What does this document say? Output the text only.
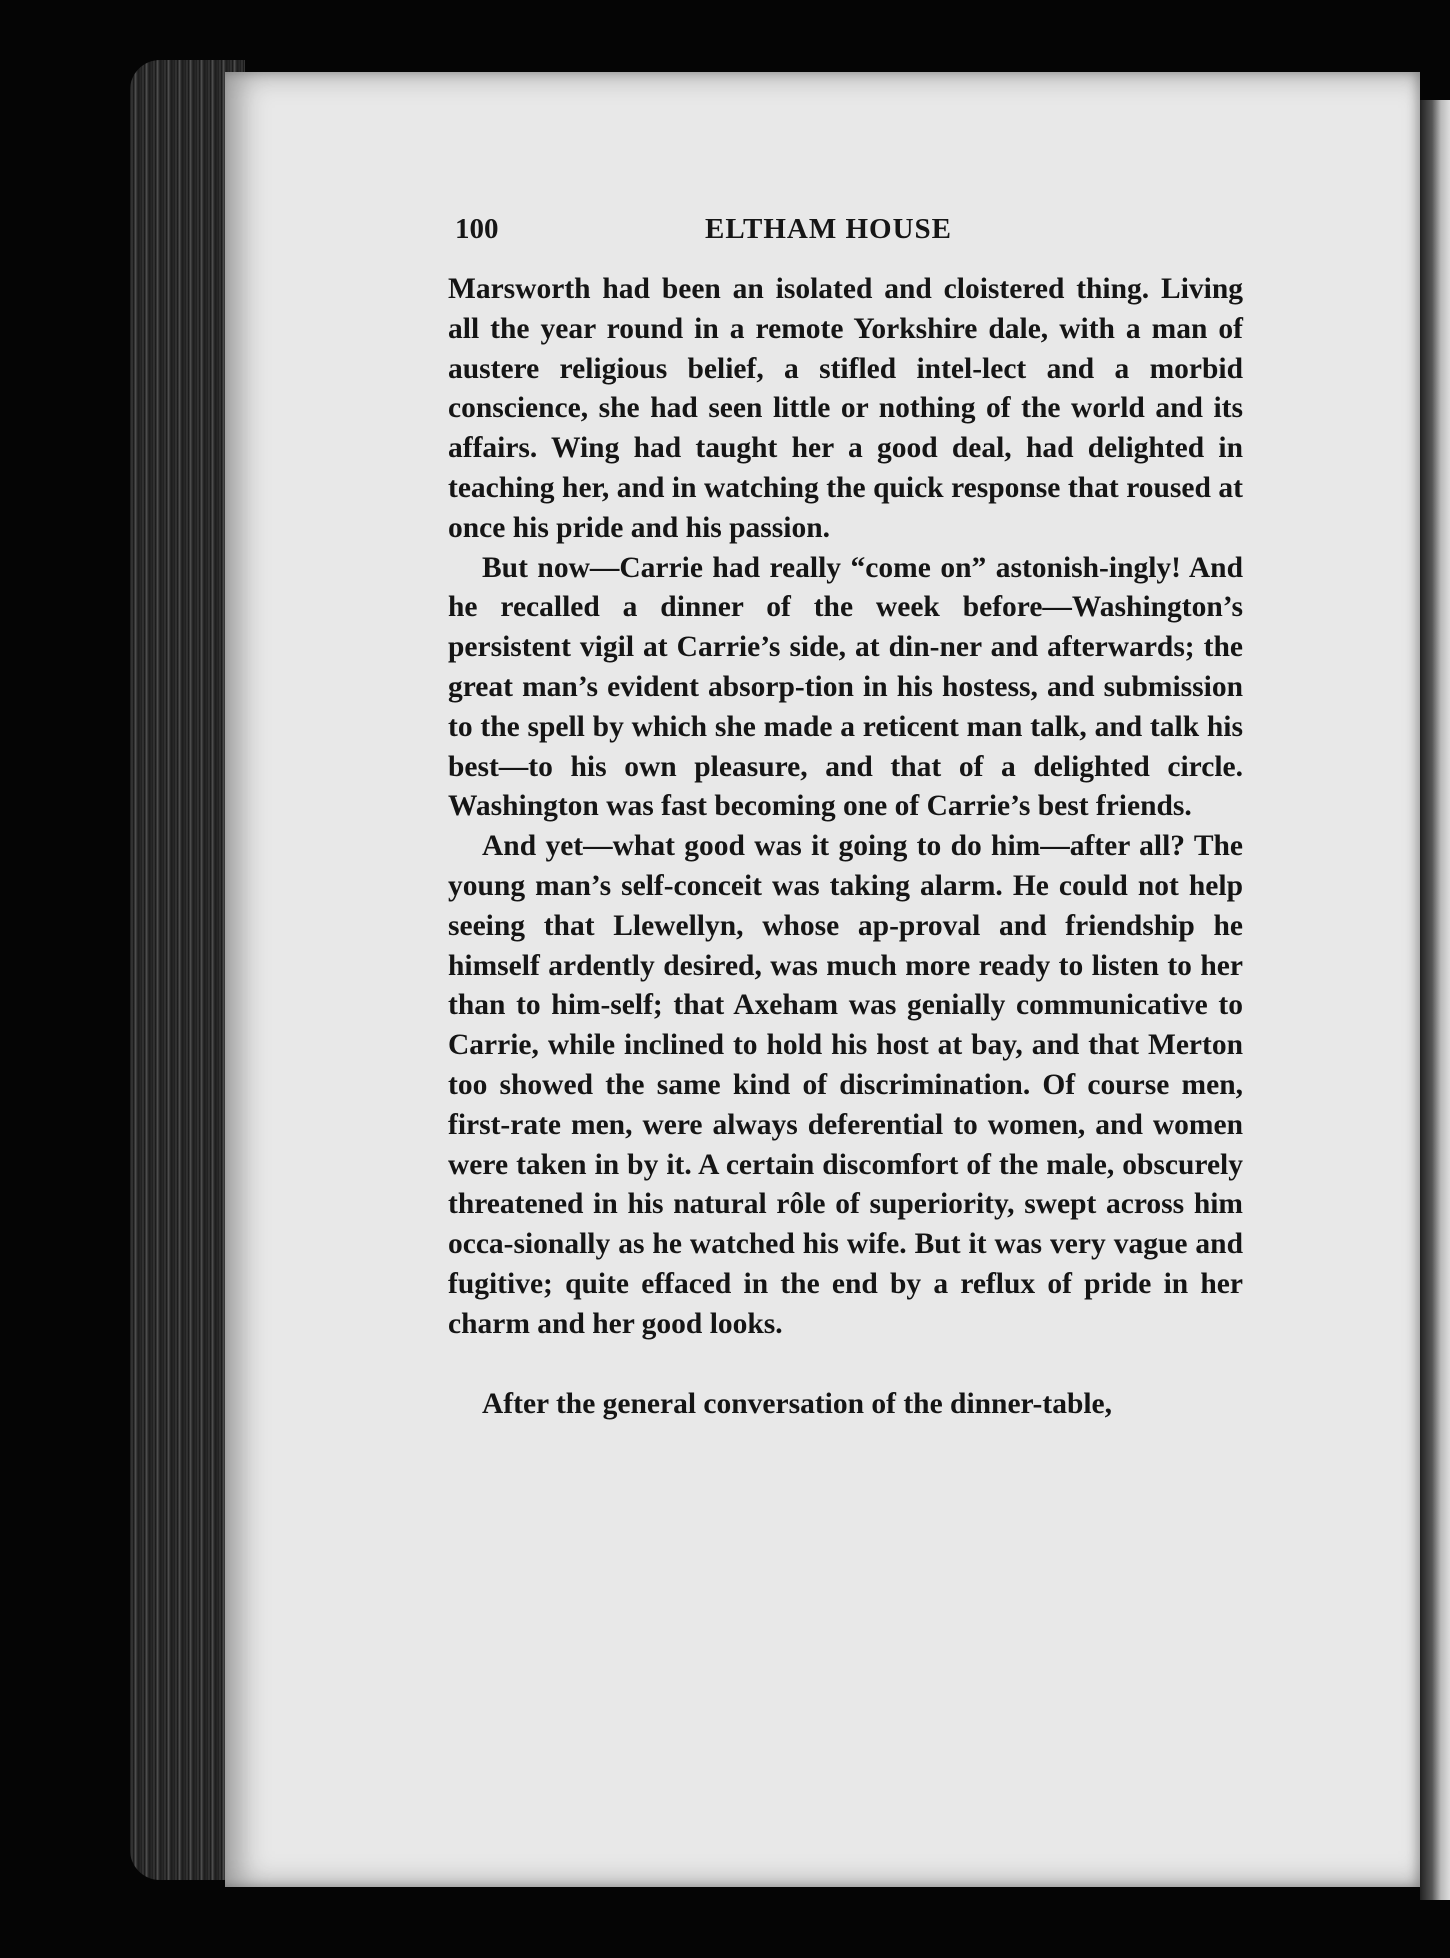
100	ELTHAM HOUSE

Marsworth had been an isolated and cloistered thing. Living all the year round in a remote Yorkshire dale, with a man of austere religious belief, a stifled intel-lect and a morbid conscience, she had seen little or nothing of the world and its affairs. Wing had taught her a good deal, had delighted in teaching her, and in watching the quick response that roused at once his pride and his passion.

But now—Carrie had really “come on” astonish-ingly! And he recalled a dinner of the week before—Washington’s persistent vigil at Carrie’s side, at din-ner and afterwards; the great man’s evident absorp-tion in his hostess, and submission to the spell by which she made a reticent man talk, and talk his best—to his own pleasure, and that of a delighted circle. Washington was fast becoming one of Carrie’s best friends.

And yet—what good was it going to do him—after all? The young man’s self-conceit was taking alarm. He could not help seeing that Llewellyn, whose ap-proval and friendship he himself ardently desired, was much more ready to listen to her than to him-self; that Axeham was genially communicative to Carrie, while inclined to hold his host at bay, and that Merton too showed the same kind of discrimination. Of course men, first-rate men, were always deferential to women, and women were taken in by it. A certain discomfort of the male, obscurely threatened in his natural rôle of superiority, swept across him occa-sionally as he watched his wife. But it was very vague and fugitive; quite effaced in the end by a reflux of pride in her charm and her good looks.

After the general conversation of the dinner-table,
